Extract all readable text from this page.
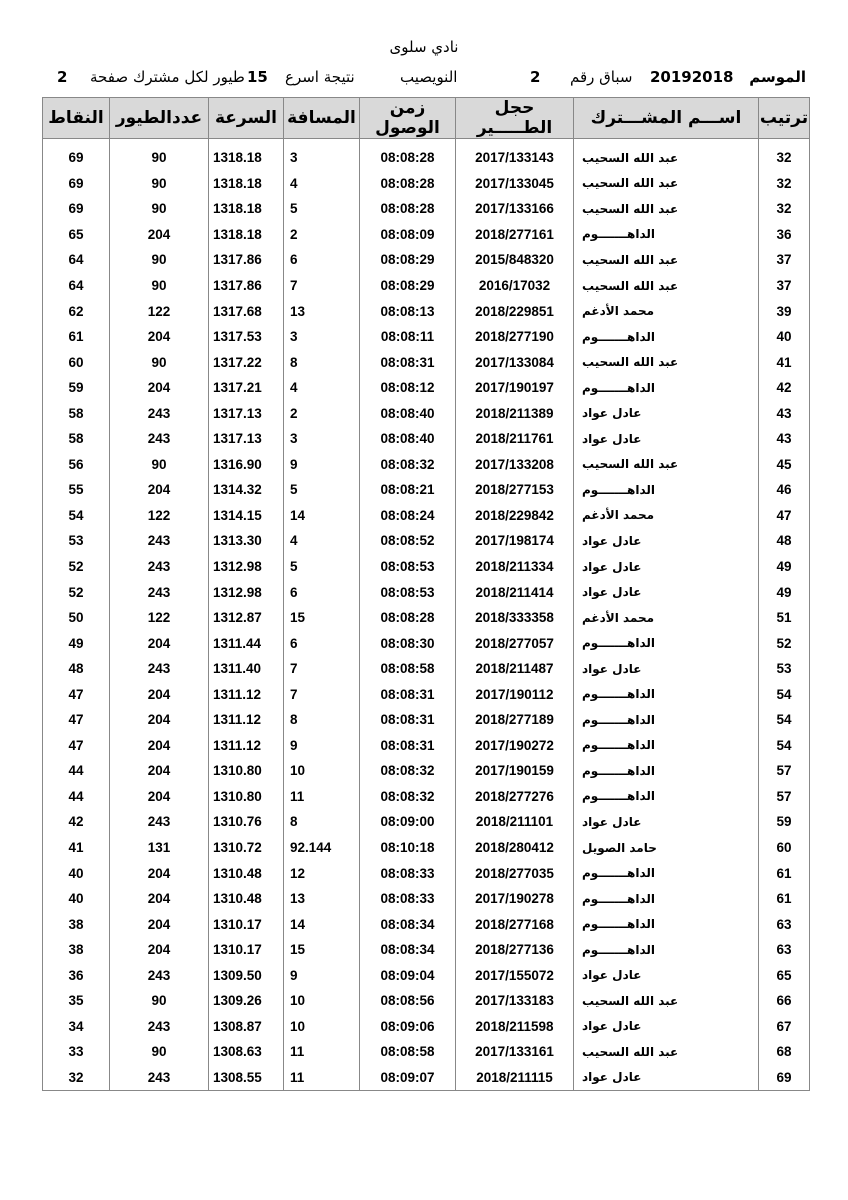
نادي سلوى
الموسم
20192018
سباق رقم
2
النويصيب
نتيجة اسرع
15
طيور لكل مشترك
صفحة
2
ترتيب	اســـم المشـــترك	حجل الطـــــير	زمن الوصول	المسافة	السرعة	عددالطيور	النقاط

32	عبد الله السحيب	2017/133143	08:08:28	3	1318.18	90	69
32	عبد الله السحيب	2017/133045	08:08:28	4	1318.18	90	69
32	عبد الله السحيب	2017/133166	08:08:28	5	1318.18	90	69
36	الداهـــــــوم	2018/277161	08:08:09	2	1318.18	204	65
37	عبد الله السحيب	2015/848320	08:08:29	6	1317.86	90	64
37	عبد الله السحيب	2016/17032	08:08:29	7	1317.86	90	64
39	محمد الأدغم	2018/229851	08:08:13	13	1317.68	122	62
40	الداهـــــــوم	2018/277190	08:08:11	3	1317.53	204	61
41	عبد الله السحيب	2017/133084	08:08:31	8	1317.22	90	60
42	الداهـــــــوم	2017/190197	08:08:12	4	1317.21	204	59
43	عادل عواد	2018/211389	08:08:40	2	1317.13	243	58
43	عادل عواد	2018/211761	08:08:40	3	1317.13	243	58
45	عبد الله السحيب	2017/133208	08:08:32	9	1316.90	90	56
46	الداهـــــــوم	2018/277153	08:08:21	5	1314.32	204	55
47	محمد الأدغم	2018/229842	08:08:24	14	1314.15	122	54
48	عادل عواد	2017/198174	08:08:52	4	1313.30	243	53
49	عادل عواد	2018/211334	08:08:53	5	1312.98	243	52
49	عادل عواد	2018/211414	08:08:53	6	1312.98	243	52
51	محمد الأدغم	2018/333358	08:08:28	15	1312.87	122	50
52	الداهـــــــوم	2018/277057	08:08:30	6	1311.44	204	49
53	عادل عواد	2018/211487	08:08:58	7	1311.40	243	48
54	الداهـــــــوم	2017/190112	08:08:31	7	1311.12	204	47
54	الداهـــــــوم	2018/277189	08:08:31	8	1311.12	204	47
54	الداهـــــــوم	2017/190272	08:08:31	9	1311.12	204	47
57	الداهـــــــوم	2017/190159	08:08:32	10	1310.80	204	44
57	الداهـــــــوم	2018/277276	08:08:32	11	1310.80	204	44
59	عادل عواد	2018/211101	08:09:00	8	1310.76	243	42
60	حامد الصويل	2018/280412	08:10:18	92.144	1310.72	131	41
61	الداهـــــــوم	2018/277035	08:08:33	12	1310.48	204	40
61	الداهـــــــوم	2017/190278	08:08:33	13	1310.48	204	40
63	الداهـــــــوم	2018/277168	08:08:34	14	1310.17	204	38
63	الداهـــــــوم	2018/277136	08:08:34	15	1310.17	204	38
65	عادل عواد	2017/155072	08:09:04	9	1309.50	243	36
66	عبد الله السحيب	2017/133183	08:08:56	10	1309.26	90	35
67	عادل عواد	2018/211598	08:09:06	10	1308.87	243	34
68	عبد الله السحيب	2017/133161	08:08:58	11	1308.63	90	33
69	عادل عواد	2018/211115	08:09:07	11	1308.55	243	32
